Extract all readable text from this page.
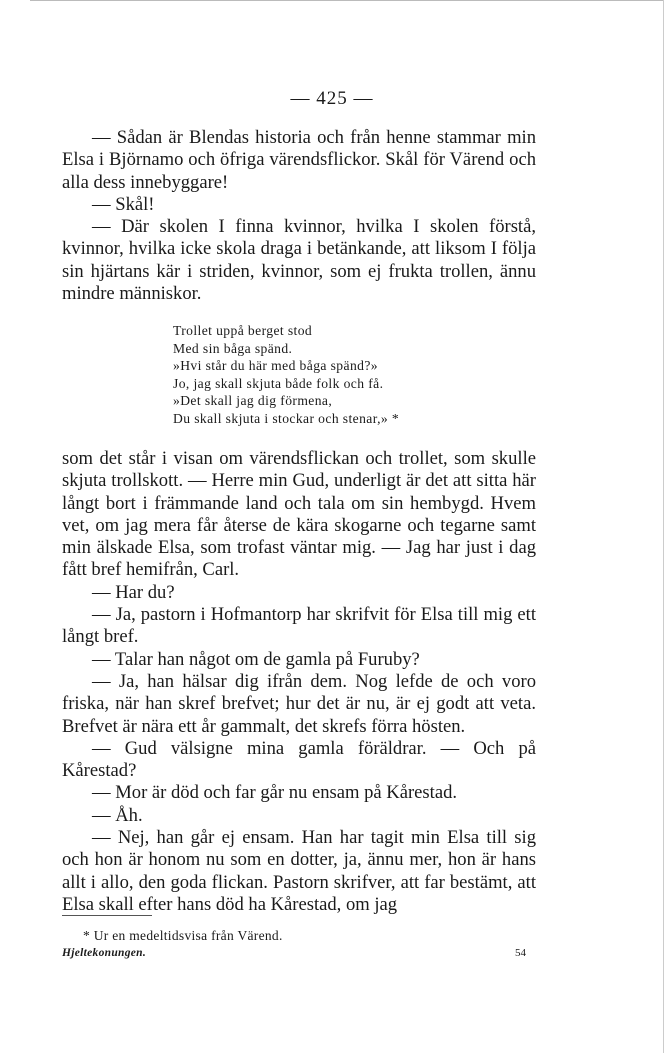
— 425 —

— Sådan är Blendas historia och från henne stammar min Elsa i Björnamo och öfriga värendsflickor. Skål för Värend och alla dess innebyggare!

— Skål!

— Där skolen I finna kvinnor, hvilka I skolen förstå, kvinnor, hvilka icke skola draga i betänkande, att liksom I följa sin hjärtans kär i striden, kvinnor, som ej frukta trollen, ännu mindre människor.

Trollet uppå berget stod
Med sin båga spänd.
»Hvi står du här med båga spänd?»
Jo, jag skall skjuta både folk och få.
»Det skall jag dig förmena,
Du skall skjuta i stockar och stenar,» *

som det står i visan om värendsflickan och trollet, som skulle skjuta trollskott. — Herre min Gud, underligt är det att sitta här långt bort i främmande land och tala om sin hembygd. Hvem vet, om jag mera får återse de kära skogarne och tegarne samt min älskade Elsa, som trofast väntar mig. — Jag har just i dag fått bref hemifrån, Carl.

— Har du?

— Ja, pastorn i Hofmantorp har skrifvit för Elsa till mig ett långt bref.

— Talar han något om de gamla på Furuby?

— Ja, han hälsar dig ifrån dem. Nog lefde de och voro friska, när han skref brefvet; hur det är nu, är ej godt att veta. Brefvet är nära ett år gammalt, det skrefs förra hösten.

— Gud välsigne mina gamla föräldrar. — Och på Kårestad?

— Mor är död och far går nu ensam på Kårestad.

— Åh.

— Nej, han går ej ensam. Han har tagit min Elsa till sig och hon är honom nu som en dotter, ja, ännu mer, hon är hans allt i allo, den goda flickan. Pastorn skrifver, att far bestämt, att Elsa skall efter hans död ha Kårestad, om jag

* Ur en medeltidsvisa från Värend.
Hjeltekonungen.	54
